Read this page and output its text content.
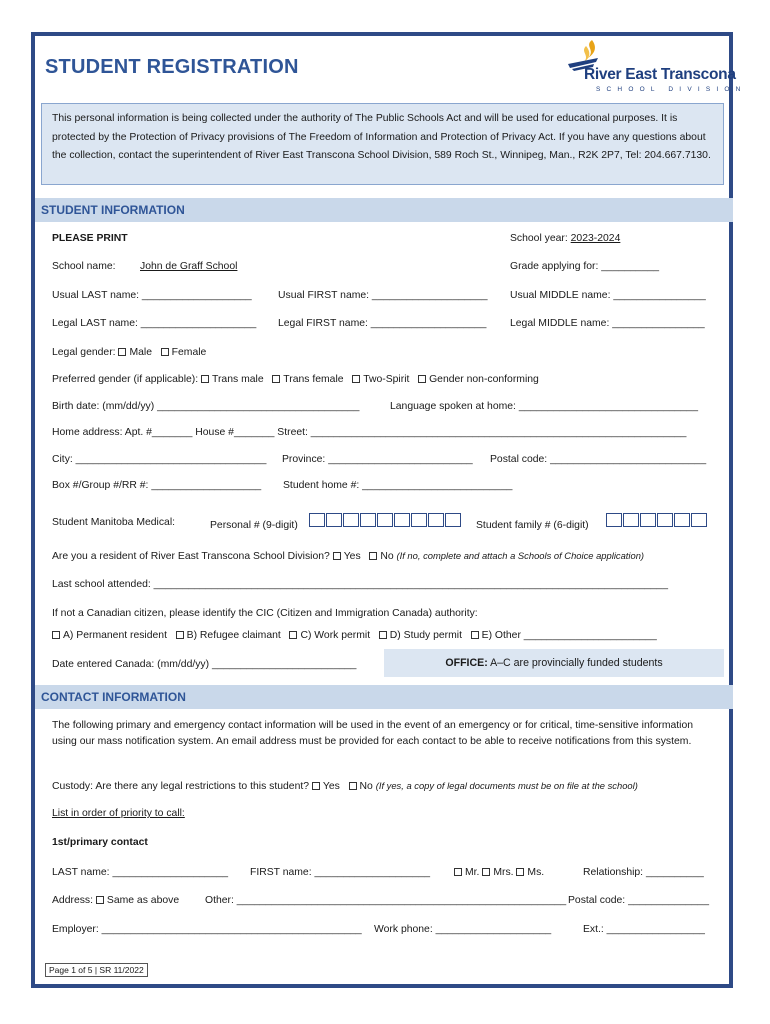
STUDENT REGISTRATION	River East Transcona
SCHOOL DIVISION
This personal information is being collected under the authority of The Public Schools Act and will be used for educational purposes. It is protected by the Protection of Privacy provisions of The Freedom of Information and Protection of Privacy Act. If you have any questions about the collection, contact the superintendent of River East Transcona School Division, 589 Roch St., Winnipeg, Man., R2K 2P7, Tel: 204.667.7130.
STUDENT INFORMATION
PLEASE PRINT	School year: 2023-2024
School name: John de Graff School	Grade applying for: __________
Usual LAST name: ___________________	Usual FIRST name: ____________________ Usual MIDDLE name: ________________
Legal LAST name: ____________________ Legal FIRST name: ____________________ Legal MIDDLE name: ________________
Legal gender: Male Female
Preferred gender (if applicable): Trans male Trans female Two-Spirit Gender non-conforming
Birth date: (mm/dd/yy) ___________________________________	Language spoken at home: _______________________________
Home address: Apt. #_______ House #_______ Street: _________________________________________________________________
City: _________________________________ Province: _________________________ Postal code: ___________________________
Box #/Group #/RR #: ___________________ Student home #: __________________________
Student Manitoba Medical:	Personal # (9-digit)	Student family # (6-digit)
Are you a resident of River East Transcona School Division? Yes No (If no, complete and attach a Schools of Choice application)
Last school attended: _________________________________________________________________________________________
If not a Canadian citizen, please identify the CIC (Citizen and Immigration Canada) authority:
A) Permanent resident B) Refugee claimant C) Work permit D) Study permit E) Other _______________________
Date entered Canada: (mm/dd/yy) _________________________	OFFICE: A–C are provincially funded students
CONTACT INFORMATION
The following primary and emergency contact information will be used in the event of an emergency or for critical, time-sensitive information using our mass notification system. An email address must be provided for each contact to be able to receive notifications from this system.
Custody: Are there any legal restrictions to this student? Yes No (If yes, a copy of legal documents must be on file at the school)
List in order of priority to call:
1st/primary contact
LAST name: ____________________ FIRST name: ____________________	Mr. Mrs. Ms.	Relationship: __________
Address: Same as above Other: _________________________________________________________ Postal code: ______________
Employer: _____________________________________________ Work phone: ____________________	Ext.: _________________
Page 1 of 5 | SR 11/2022
